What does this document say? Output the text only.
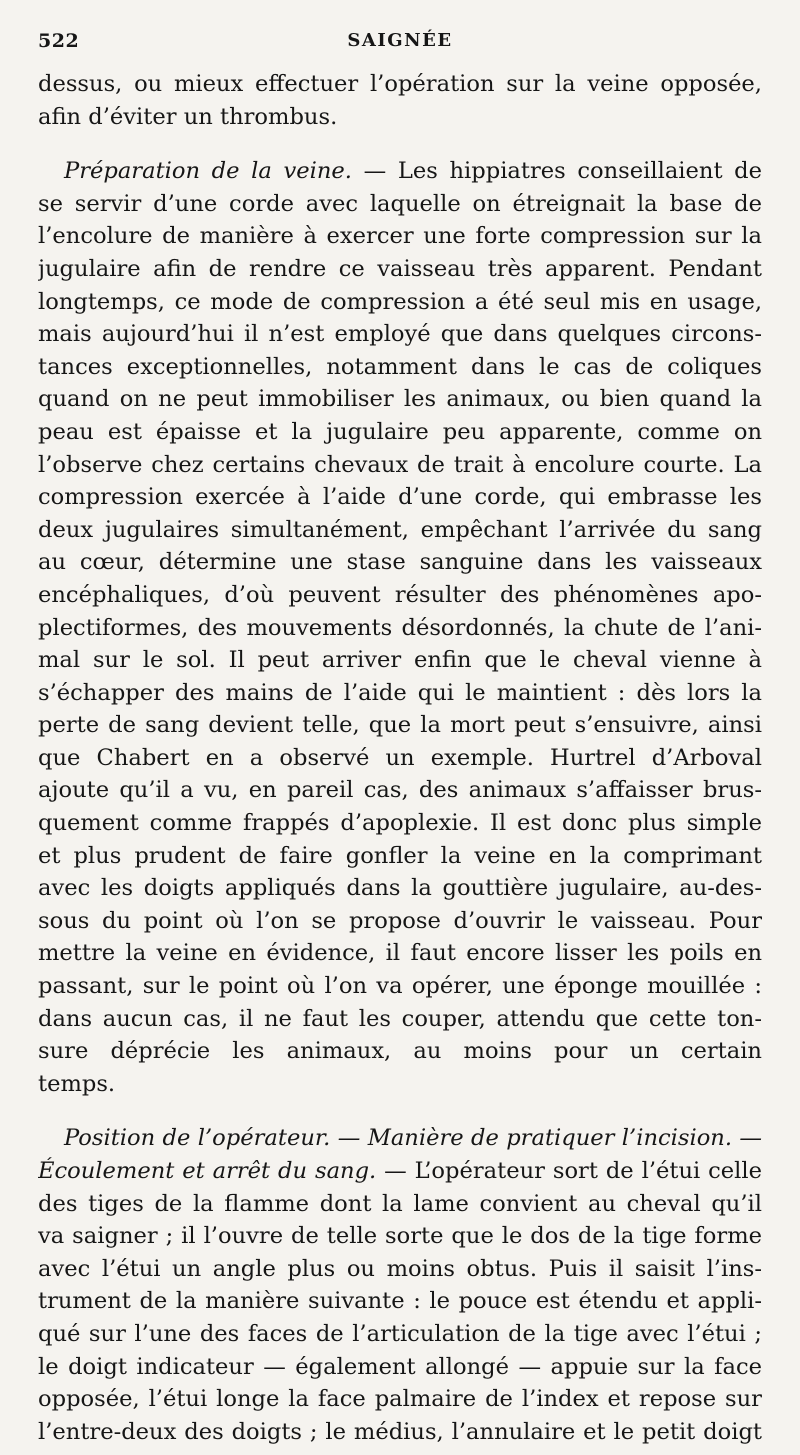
522	SAIGNÉE
dessus, ou mieux effectuer l’opération sur la veine opposée,
afin d’éviter un thrombus.
Préparation de la veine. — Les hippiatres conseillaient de
se servir d’une corde avec laquelle on étreignait la base de
l’encolure de manière à exercer une forte compression sur la
jugulaire afin de rendre ce vaisseau très apparent. Pendant
longtemps, ce mode de compression a été seul mis en usage,
mais aujourd’hui il n’est employé que dans quelques circons-
tances exceptionnelles, notamment dans le cas de coliques
quand on ne peut immobiliser les animaux, ou bien quand la
peau est épaisse et la jugulaire peu apparente, comme on
l’observe chez certains chevaux de trait à encolure courte. La
compression exercée à l’aide d’une corde, qui embrasse les
deux jugulaires simultanément, empêchant l’arrivée du sang
au cœur, détermine une stase sanguine dans les vaisseaux
encéphaliques, d’où peuvent résulter des phénomènes apo-
plectiformes, des mouvements désordonnés, la chute de l’ani-
mal sur le sol. Il peut arriver enfin que le cheval vienne à
s’échapper des mains de l’aide qui le maintient : dès lors la
perte de sang devient telle, que la mort peut s’ensuivre, ainsi
que Chabert en a observé un exemple. Hurtrel d’Arboval
ajoute qu’il a vu, en pareil cas, des animaux s’affaisser brus-
quement comme frappés d’apoplexie. Il est donc plus simple
et plus prudent de faire gonfler la veine en la comprimant
avec les doigts appliqués dans la gouttière jugulaire, au-des-
sous du point où l’on se propose d’ouvrir le vaisseau. Pour
mettre la veine en évidence, il faut encore lisser les poils en
passant, sur le point où l’on va opérer, une éponge mouillée :
dans aucun cas, il ne faut les couper, attendu que cette ton-
sure déprécie les animaux, au moins pour un certain
temps.
Position de l’opérateur. — Manière de pratiquer l’incision. —
Écoulement et arrêt du sang. — L’opérateur sort de l’étui celle
des tiges de la flamme dont la lame convient au cheval qu’il
va saigner ; il l’ouvre de telle sorte que le dos de la tige forme
avec l’étui un angle plus ou moins obtus. Puis il saisit l’ins-
trument de la manière suivante : le pouce est étendu et appli-
qué sur l’une des faces de l’articulation de la tige avec l’étui ;
le doigt indicateur — également allongé — appuie sur la face
opposée, l’étui longe la face palmaire de l’index et repose sur
l’entre-deux des doigts ; le médius, l’annulaire et le petit doigt
